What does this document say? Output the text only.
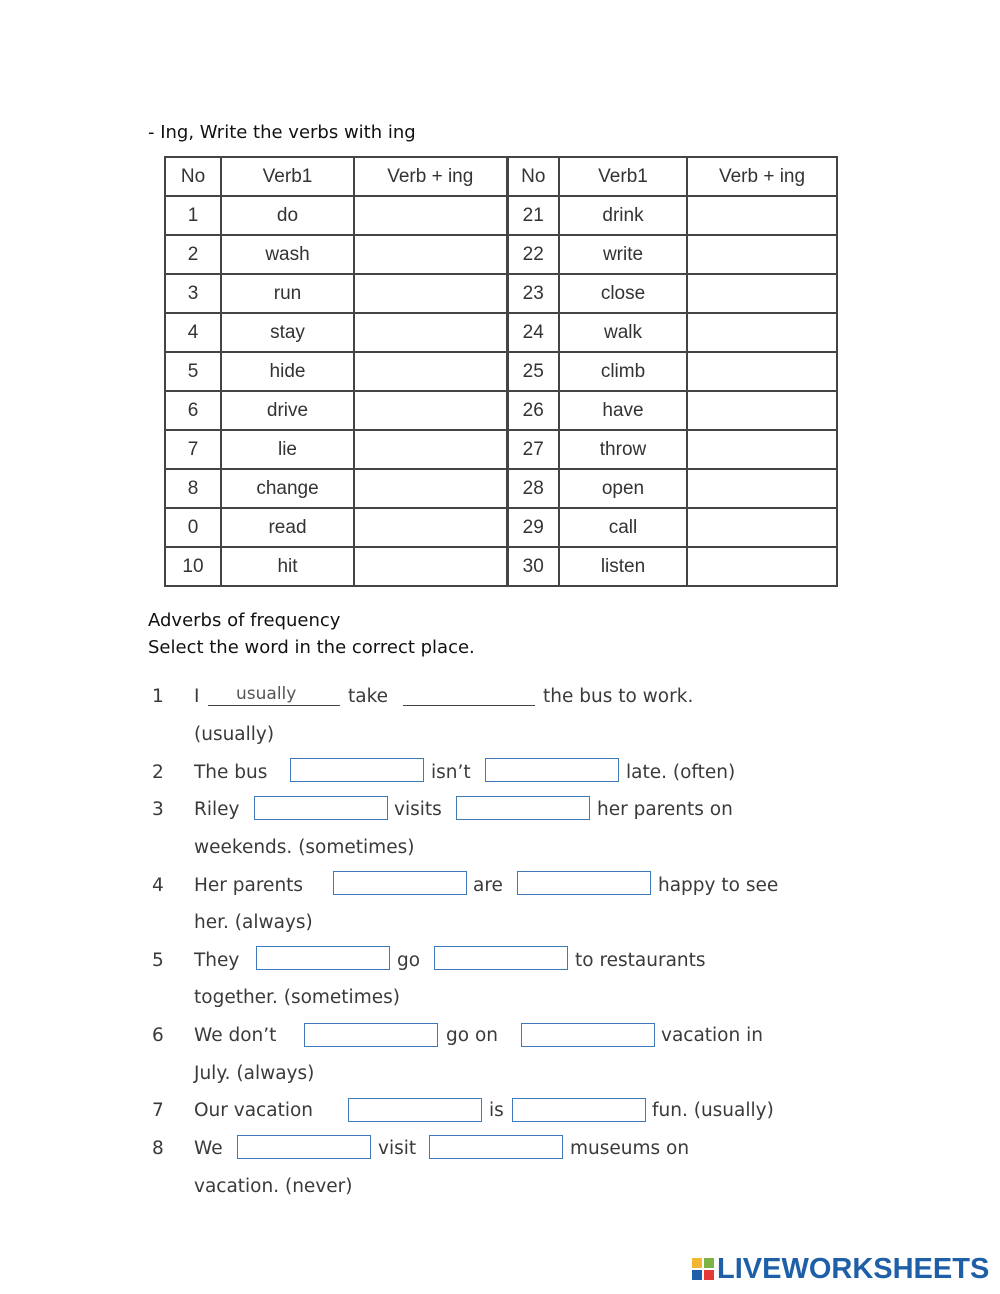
- Ing, Write the verbs with ing
No	Verb1	Verb + ing	No	Verb1	Verb + ing
1	do		21	drink	
2	wash		22	write	
3	run		23	close	
4	stay		24	walk	
5	hide		25	climb	
6	drive		26	have	
7	lie		27	throw	
8	change		28	open	
0	read		29	call	
10	hit		30	listen	
Adverbs of frequency
Select the word in the correct place.
1 I usually	take	the bus to work.
(usually)
2 The bus	isn’t	late. (often)
3 Riley	visits	her parents on
weekends. (sometimes)
4 Her parents	are	happy to see
her. (always)
5 They	go	to restaurants
together. (sometimes)
6 We don’t	go on	vacation in
July. (always)
7 Our vacation	is	fun. (usually)
8 We	visit	museums on
vacation. (never)
LIVEWORKSHEETS
